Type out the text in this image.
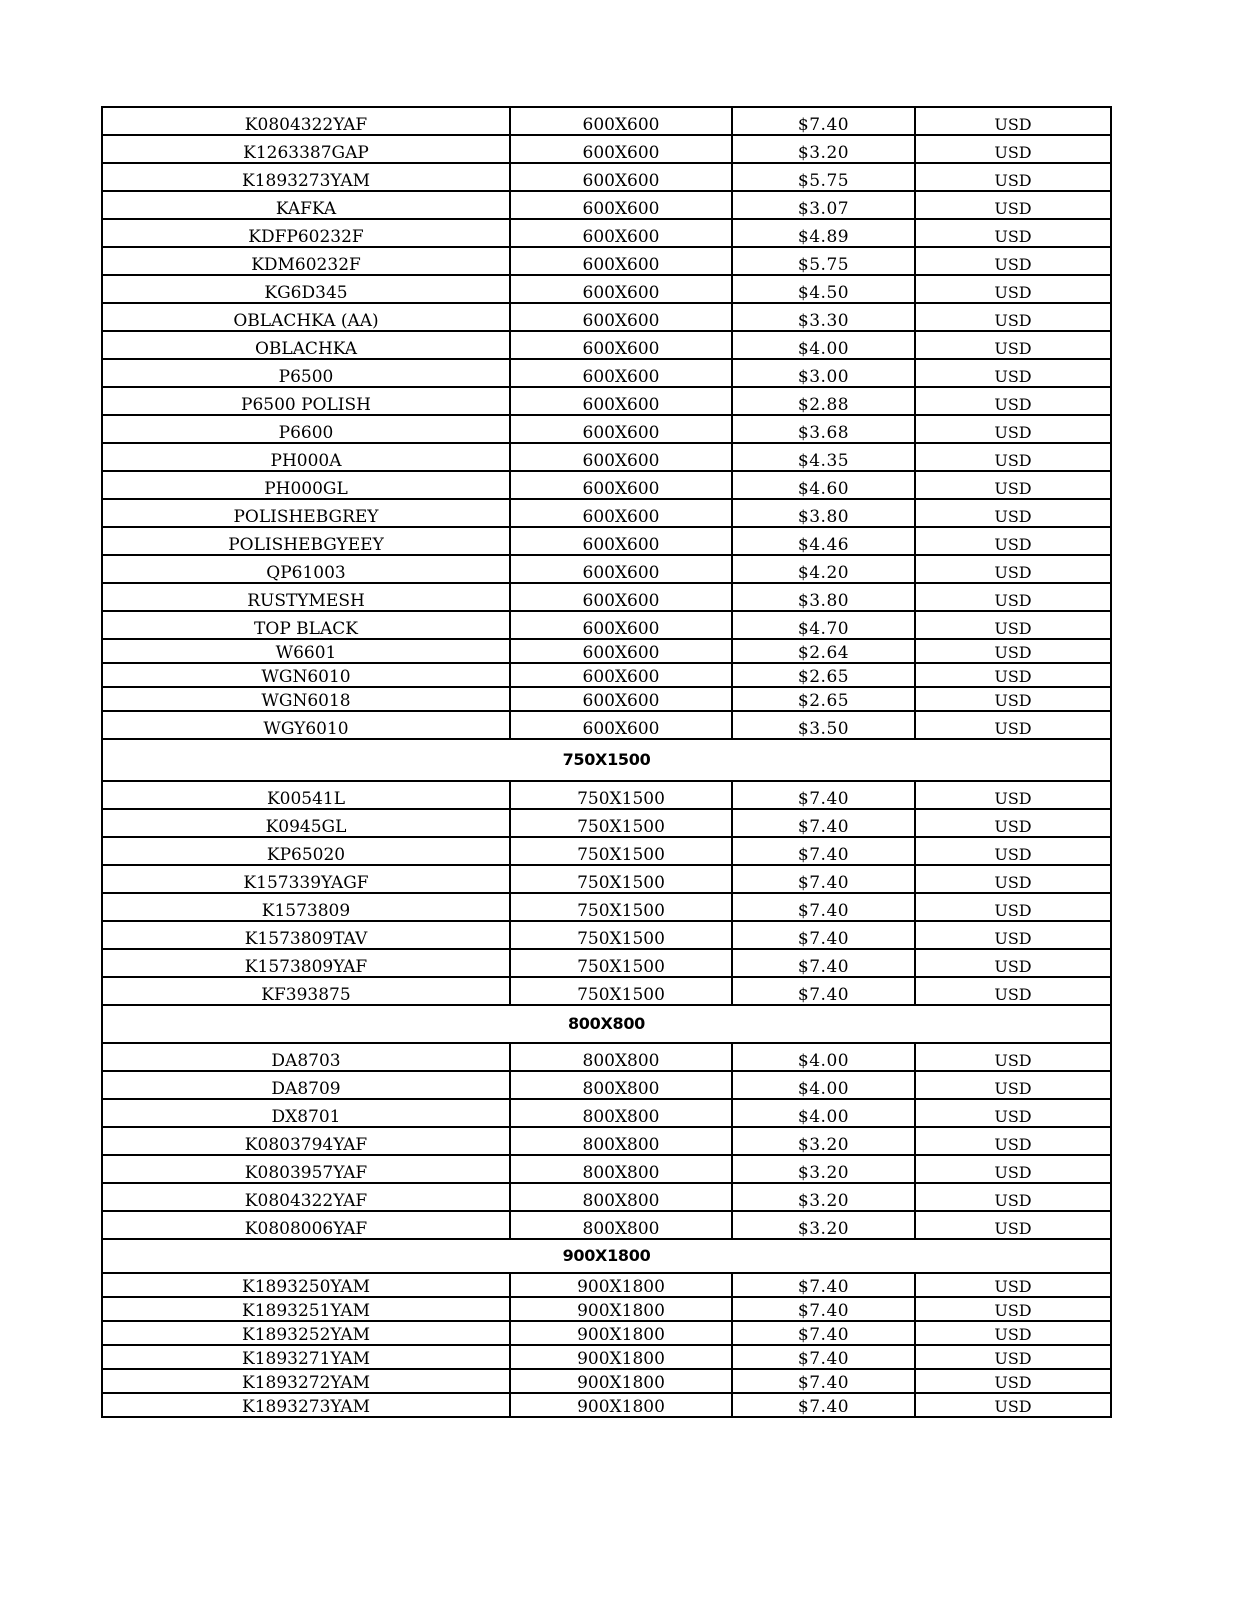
K0804322YAF	600X600	$7.40	USD
K1263387GAP	600X600	$3.20	USD
K1893273YAM	600X600	$5.75	USD
KAFKA	600X600	$3.07	USD
KDFP60232F	600X600	$4.89	USD
KDM60232F	600X600	$5.75	USD
KG6D345	600X600	$4.50	USD
OBLACHKA (AA)	600X600	$3.30	USD
OBLACHKA	600X600	$4.00	USD
P6500	600X600	$3.00	USD
P6500 POLISH	600X600	$2.88	USD
P6600	600X600	$3.68	USD
PH000A	600X600	$4.35	USD
PH000GL	600X600	$4.60	USD
POLISHEBGREY	600X600	$3.80	USD
POLISHEBGYEEY	600X600	$4.46	USD
QP61003	600X600	$4.20	USD
RUSTYMESH	600X600	$3.80	USD
TOP BLACK	600X600	$4.70	USD
W6601	600X600	$2.64	USD
WGN6010	600X600	$2.65	USD
WGN6018	600X600	$2.65	USD
WGY6010	600X600	$3.50	USD
750X1500			
K00541L	750X1500	$7.40	USD
K0945GL	750X1500	$7.40	USD
KP65020	750X1500	$7.40	USD
K157339YAGF	750X1500	$7.40	USD
K1573809	750X1500	$7.40	USD
K1573809TAV	750X1500	$7.40	USD
K1573809YAF	750X1500	$7.40	USD
KF393875	750X1500	$7.40	USD
800X800			
DA8703	800X800	$4.00	USD
DA8709	800X800	$4.00	USD
DX8701	800X800	$4.00	USD
K0803794YAF	800X800	$3.20	USD
K0803957YAF	800X800	$3.20	USD
K0804322YAF	800X800	$3.20	USD
K0808006YAF	800X800	$3.20	USD
900X1800			
K1893250YAM	900X1800	$7.40	USD
K1893251YAM	900X1800	$7.40	USD
K1893252YAM	900X1800	$7.40	USD
K1893271YAM	900X1800	$7.40	USD
K1893272YAM	900X1800	$7.40	USD
K1893273YAM	900X1800	$7.40	USD
